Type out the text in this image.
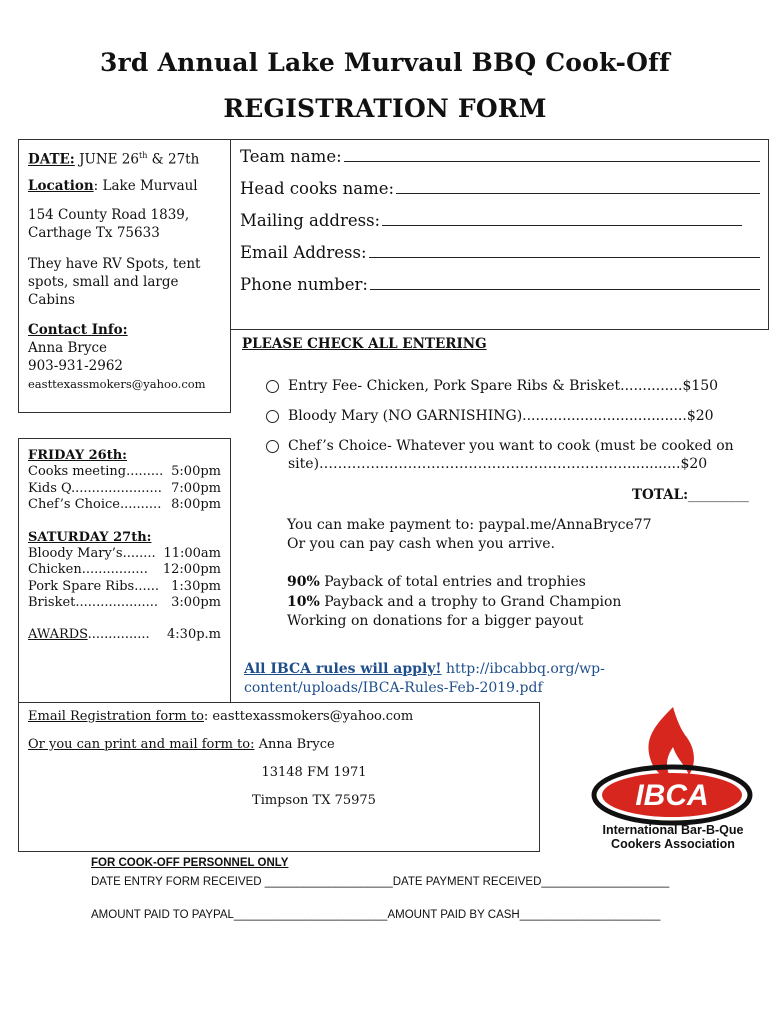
3rd Annual Lake Murvaul BBQ Cook-Off
REGISTRATION FORM
DATE: JUNE 26th & 27th
Location: Lake Murvaul
154 County Road 1839,
Carthage Tx 75633
They have RV Spots, tent
spots, small and large
Cabins
Contact Info:
Anna Bryce
903-931-2962
easttexassmokers@yahoo.com
Team name:
Head cooks name:
Mailing address:
Email Address:
Phone number:
FRIDAY 26th:
Cooks meeting......... 5:00pm
Kids Q...................... 7:00pm
Chef’s Choice.......... 8:00pm
SATURDAY 27th:
Bloody Mary’s........ 11:00am
Chicken................ 12:00pm
Pork Spare Ribs...... 1:30pm
Brisket.................... 3:00pm
AWARDS............... 4:30p.m
PLEASE CHECK ALL ENTERING
Entry Fee- Chicken, Pork Spare Ribs & Brisket..............$150
Bloody Mary (NO GARNISHING).....................................$20
Chef’s Choice- Whatever you want to cook (must be cooked on
site)…………………………………………………………............$20
TOTAL:_________
You can make payment to: paypal.me/AnnaBryce77
Or you can pay cash when you arrive.
90% Payback of total entries and trophies
10% Payback and a trophy to Grand Champion
Working on donations for a bigger payout
All IBCA rules will apply! http://ibcabbq.org/wp-
content/uploads/IBCA-Rules-Feb-2019.pdf
Email Registration form to: easttexassmokers@yahoo.com
Or you can print and mail form to: Anna Bryce
13148 FM 1971
Timpson TX 75975	IBCA
International Bar-B-Que
Cookers Association
FOR COOK-OFF PERSONNEL ONLY
DATE ENTRY FORM RECEIVED ____________________DATE PAYMENT RECEIVED____________________
AMOUNT PAID TO PAYPAL________________________AMOUNT PAID BY CASH______________________
